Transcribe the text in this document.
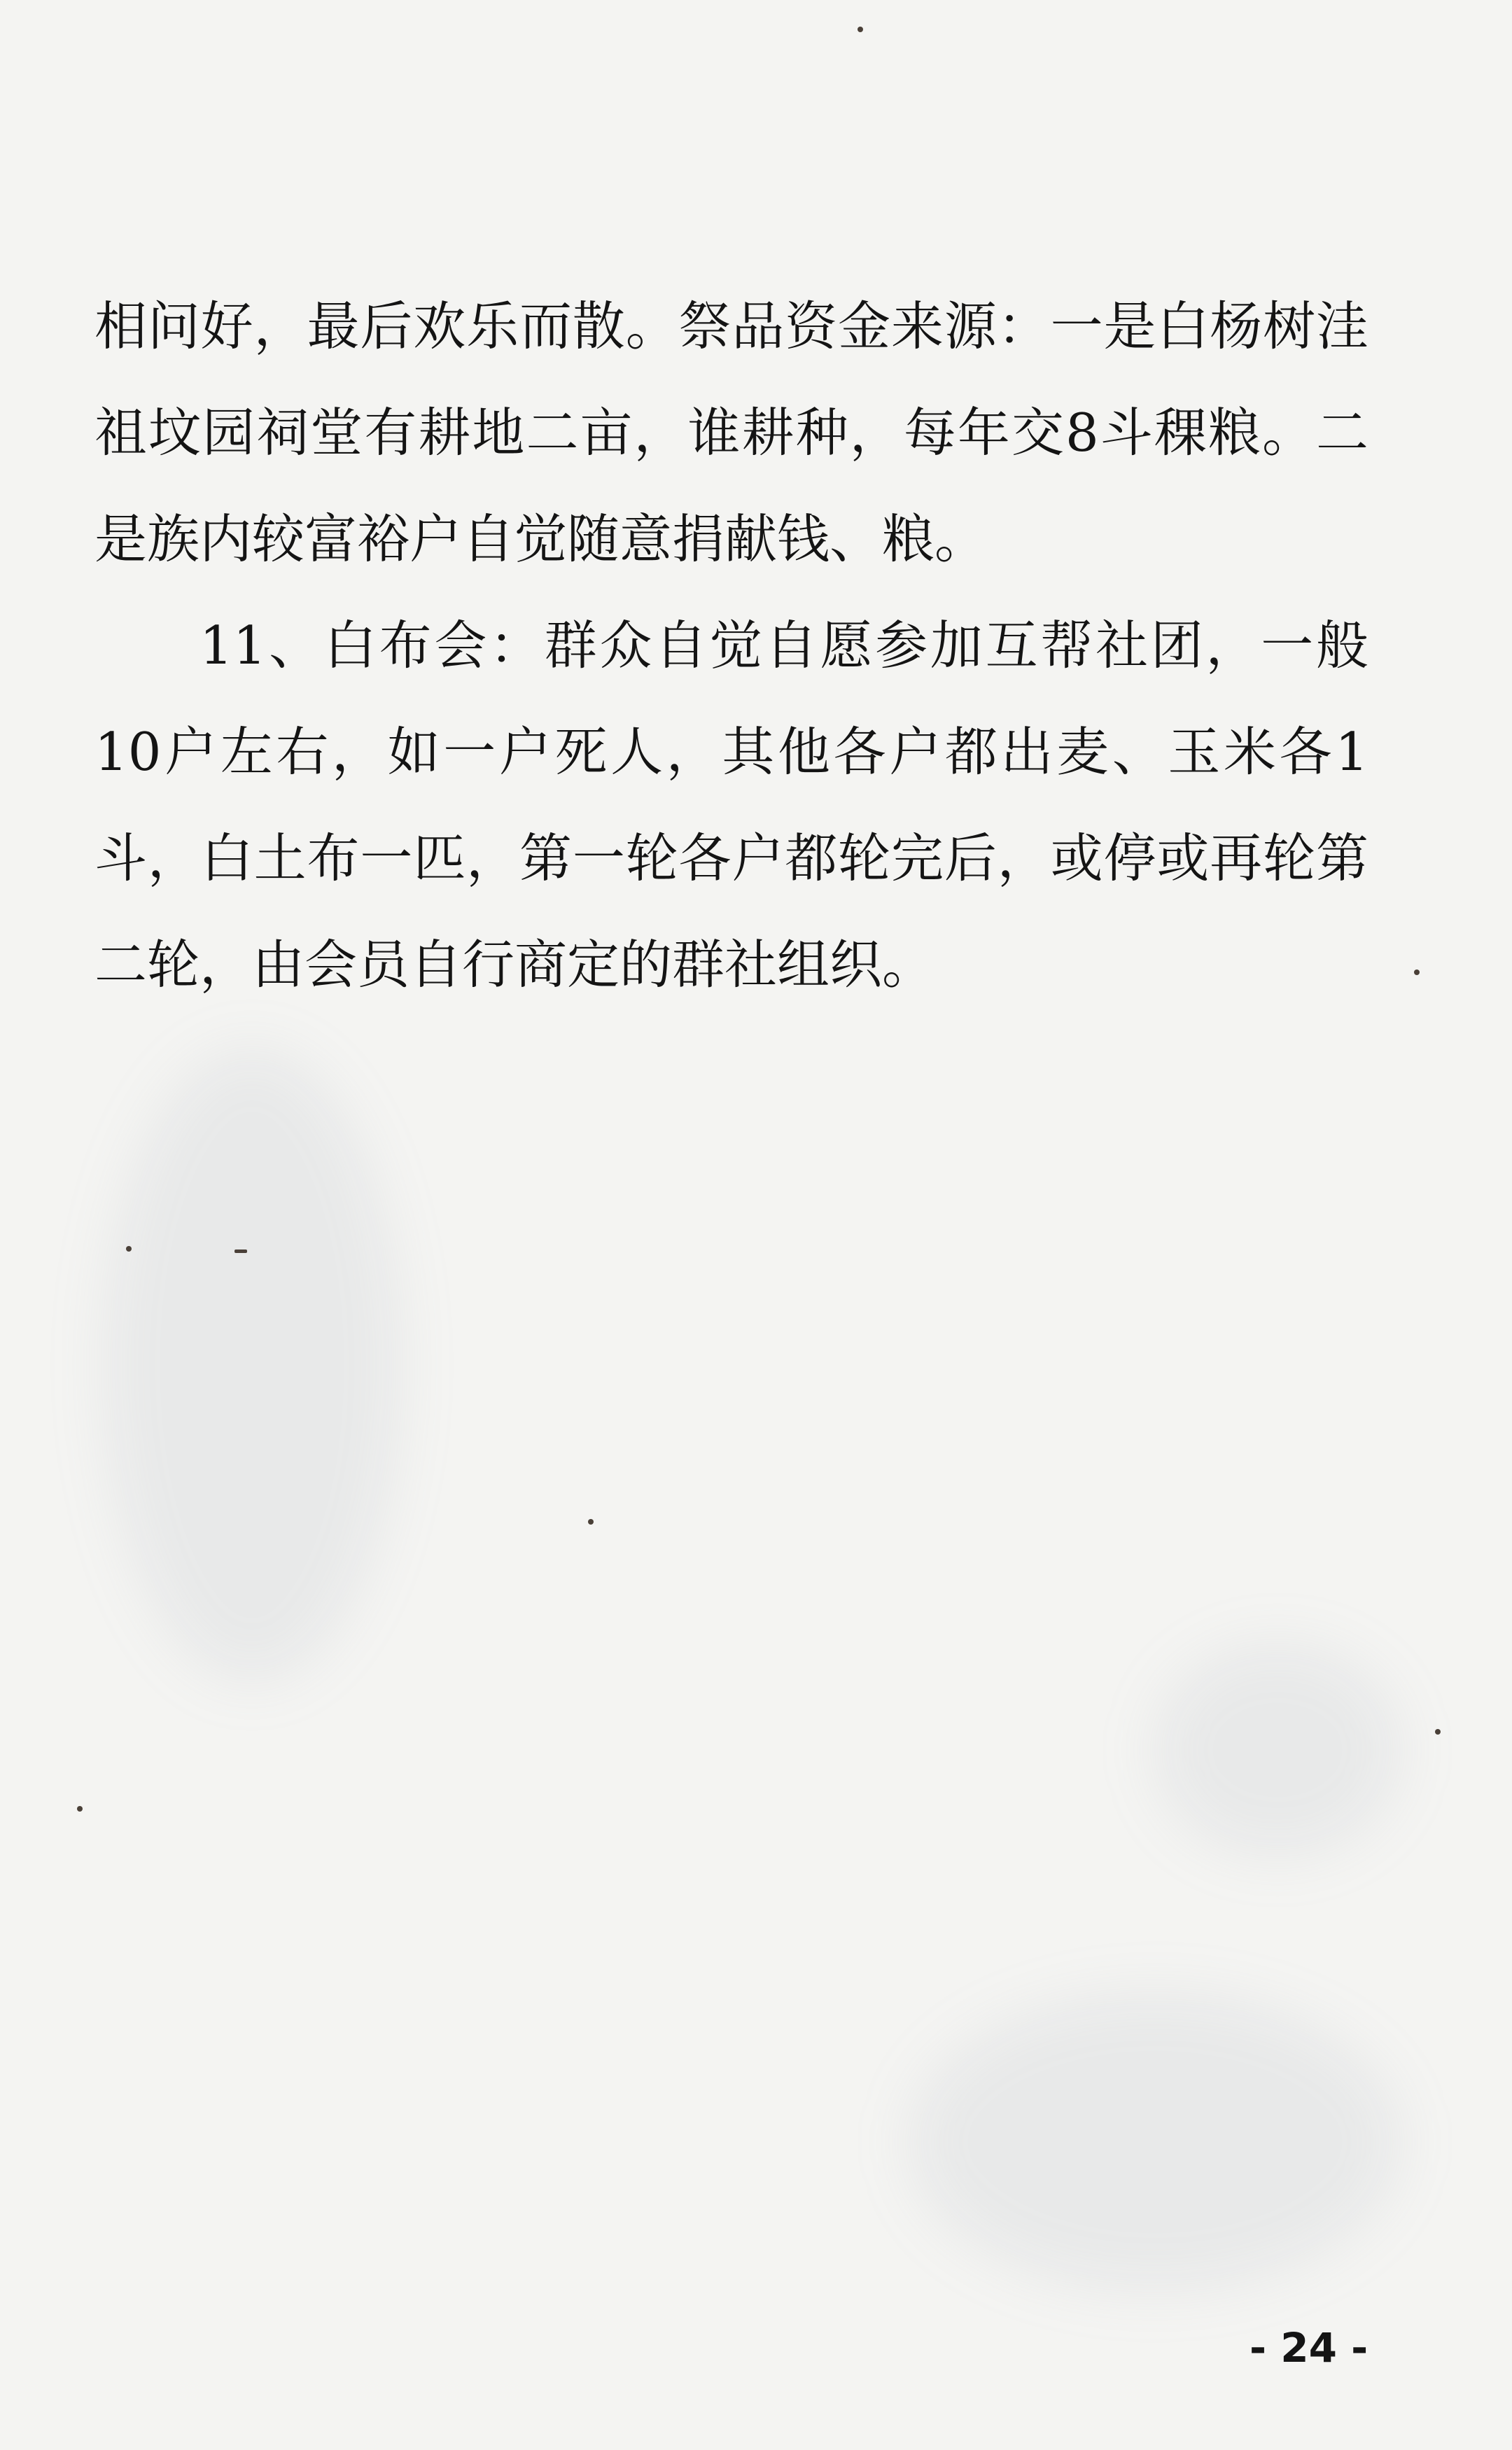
相问好，最后欢乐而散。祭品资金来源：一是白杨树洼祖坟园祠堂有耕地二亩，谁耕种，每年交8斗稞粮。二是族内较富裕户自觉随意捐献钱、粮。

11、白布会：群众自觉自愿参加互帮社团，一般10户左右，如一户死人，其他各户都出麦、玉米各1斗，白土布一匹，第一轮各户都轮完后，或停或再轮第二轮，由会员自行商定的群社组织。

- 24 -
